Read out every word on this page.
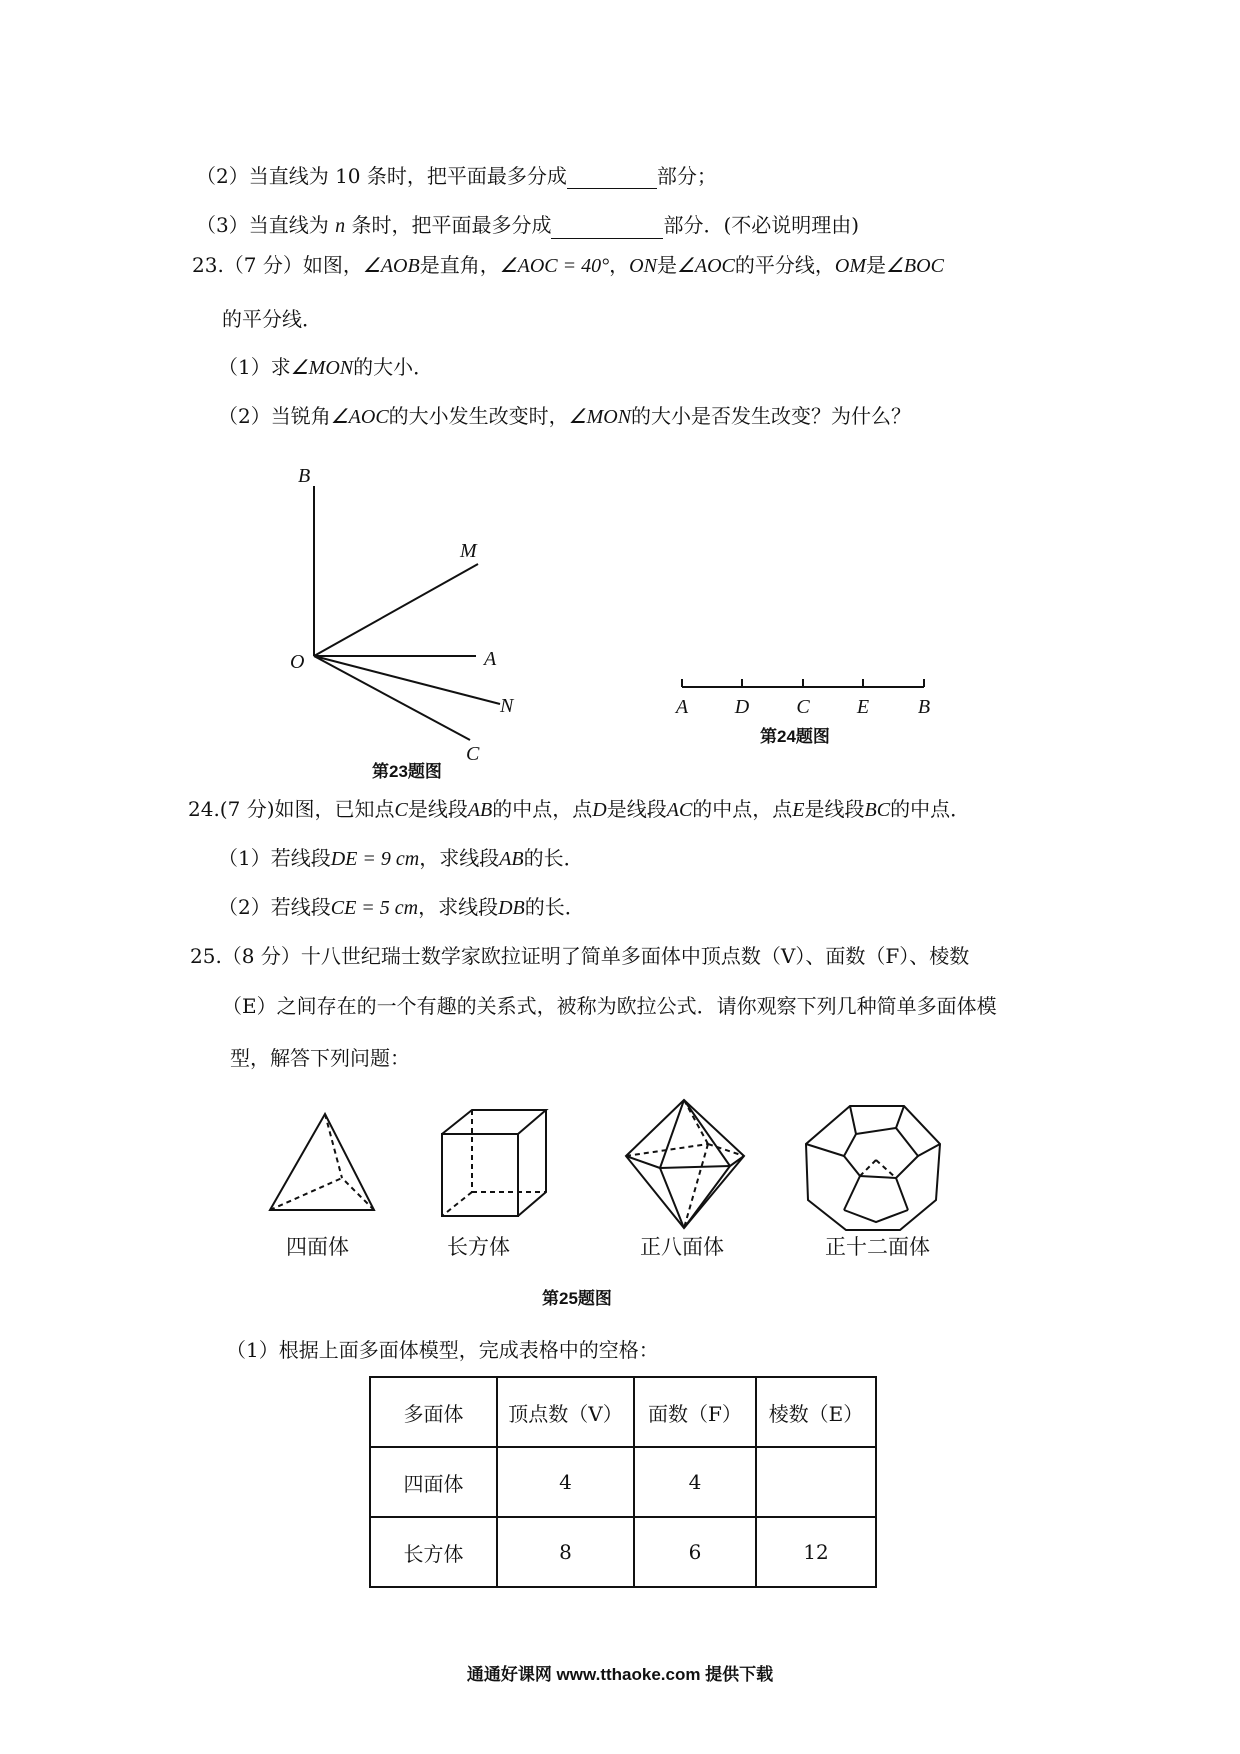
（2）当直线为 10 条时，把平面最多分成	部分；
（3）当直线为 n 条时，把平面最多分成	部分．(不必说明理由)
23.（7 分）如图，∠AOB是直角，∠AOC = 40°，ON是∠AOC的平分线，OM是∠BOC
的平分线．
（1）求∠MON的大小．
（2）当锐角∠AOC的大小发生改变时，∠MON的大小是否发生改变？为什么？
B
M
O	A
N
C
第23题图
A D C E B
第24题图
24.(7 分)如图，已知点C是线段AB的中点，点D是线段AC的中点，点E是线段BC的中点．
（1）若线段DE = 9 cm，求线段AB的长．
（2）若线段CE = 5 cm，求线段DB的长．
25.（8 分）十八世纪瑞士数学家欧拉证明了简单多面体中顶点数（V）、面数（F）、棱数
（E）之间存在的一个有趣的关系式，被称为欧拉公式．请你观察下列几种简单多面体模
型，解答下列问题：
四面体	长方体	正八面体	正十二面体
第25题图
（1）根据上面多面体模型，完成表格中的空格：
多面体	顶点数（V）	面数（F）	棱数（E）
四面体	4	4	
长方体	8	6	12
通通好课网 www.tthaoke.com 提供下载
